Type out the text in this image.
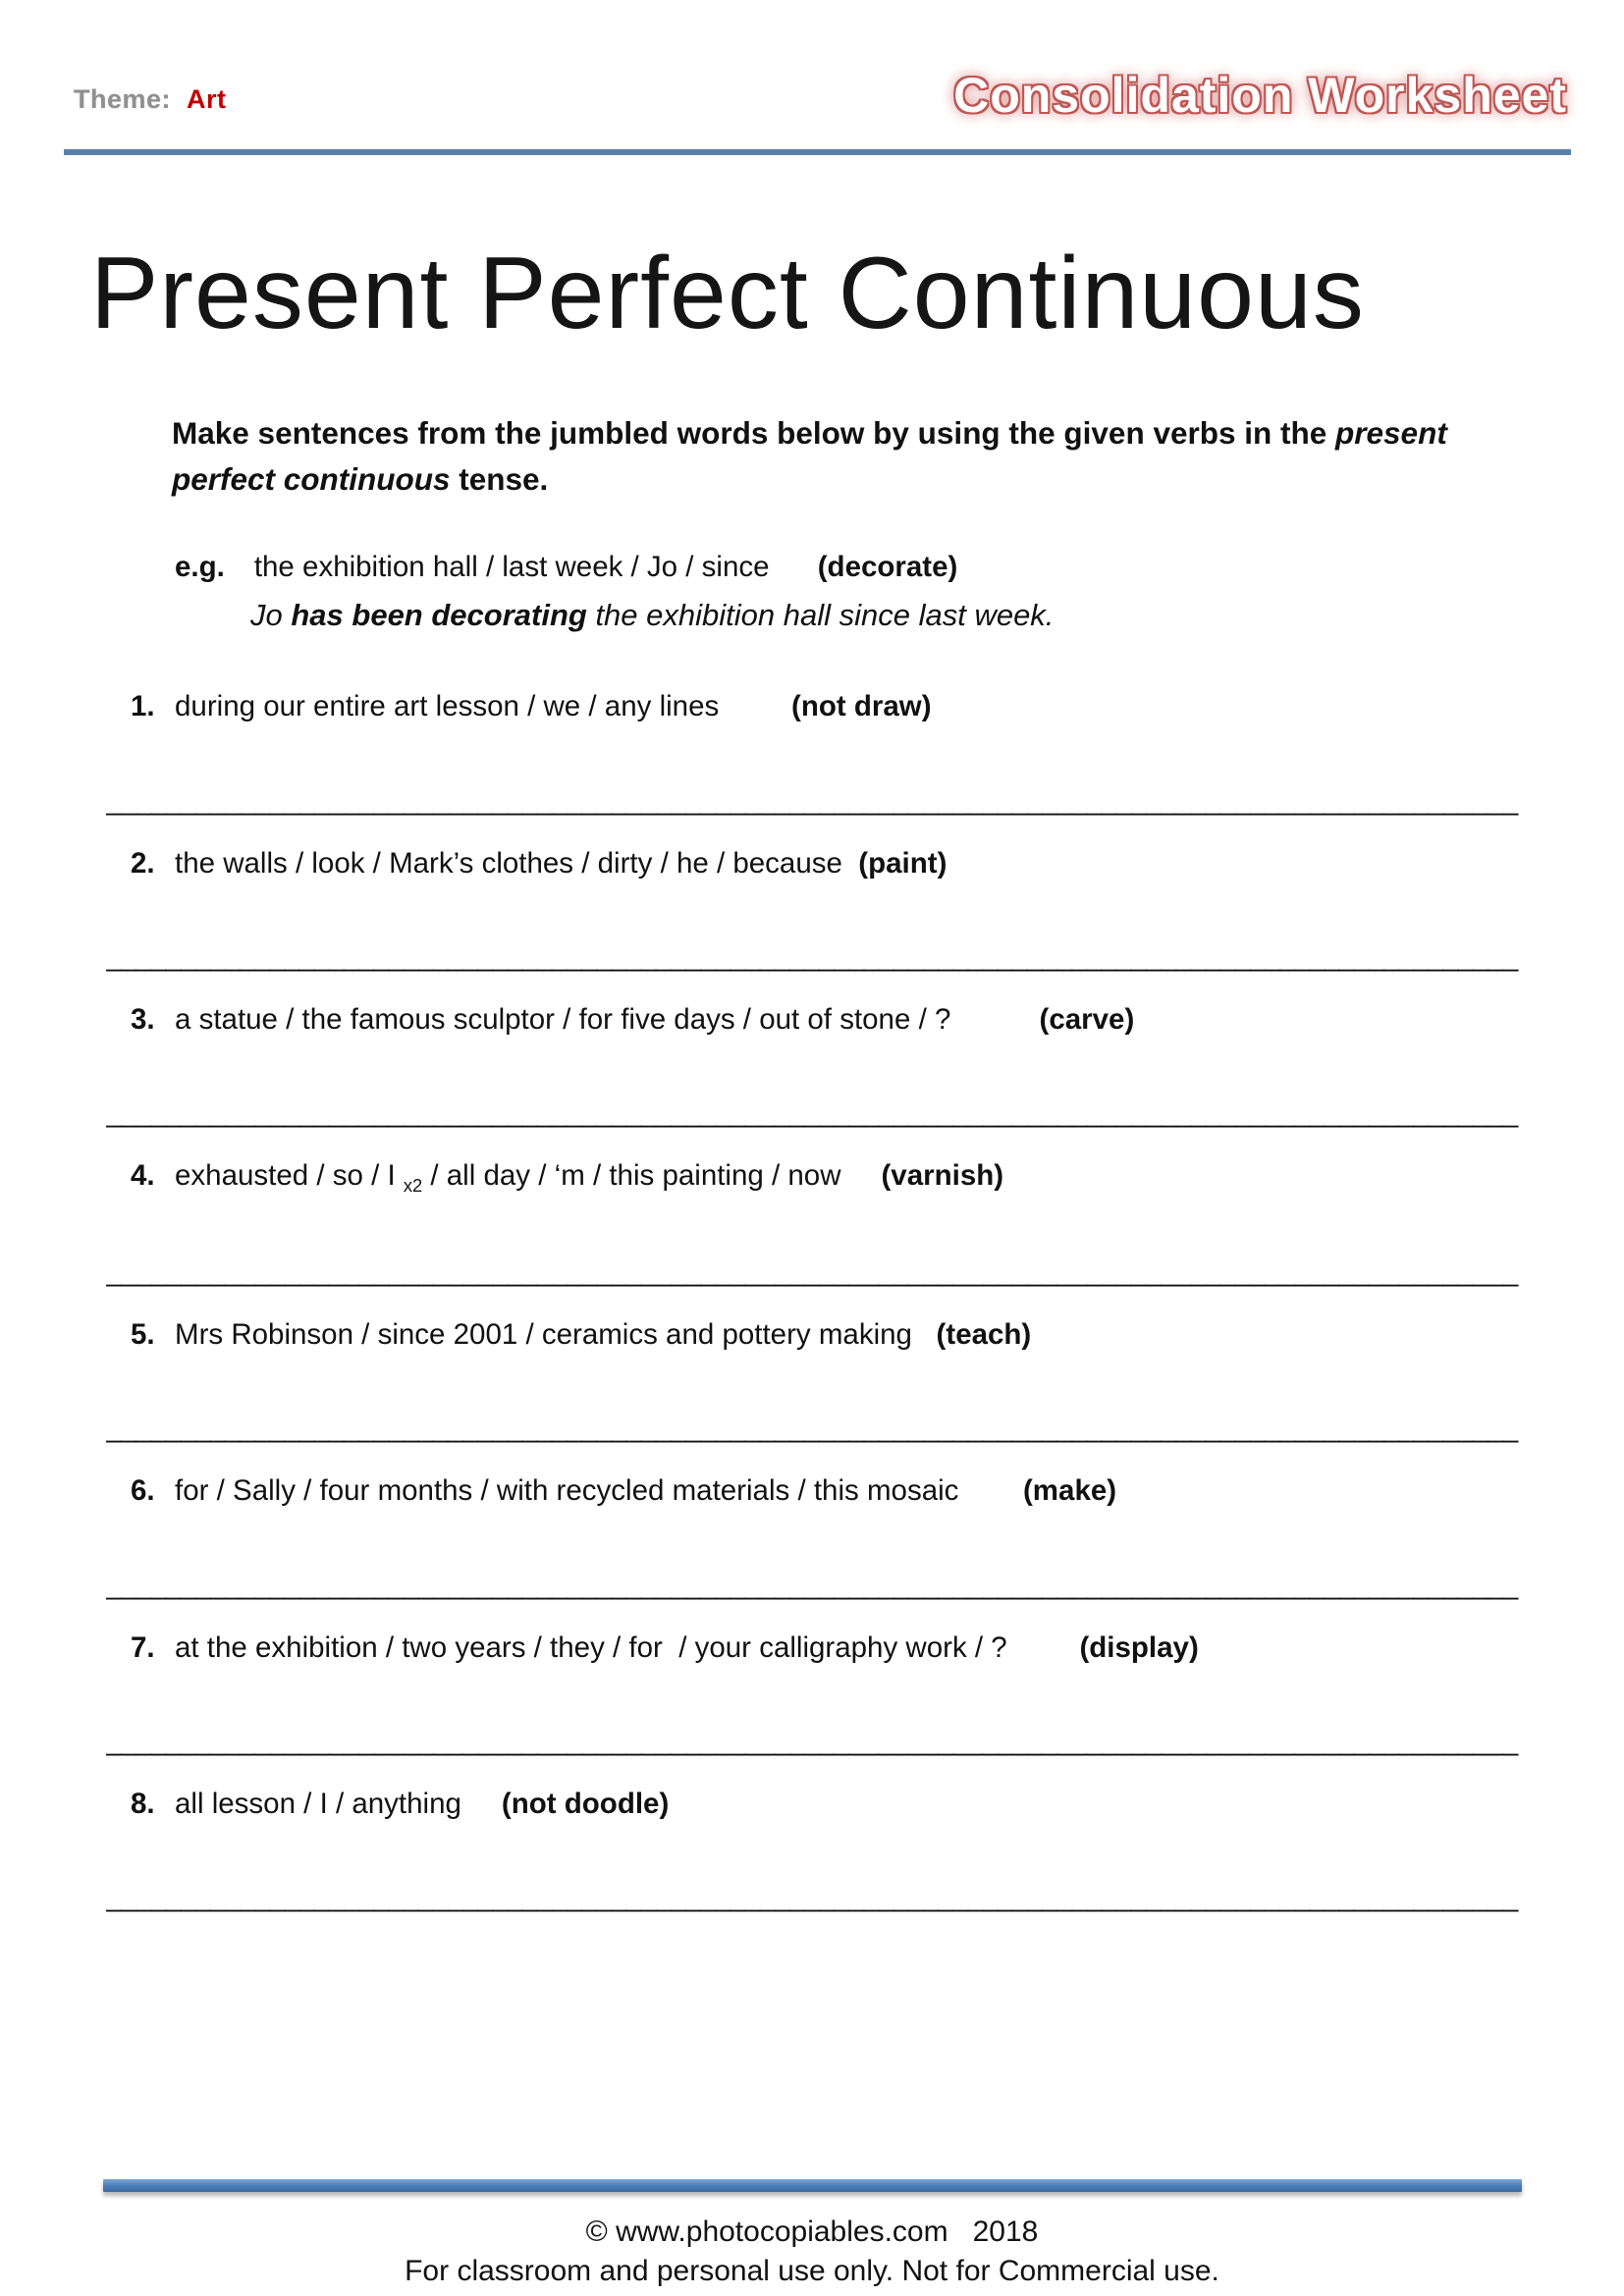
Theme: Art	Consolidation Worksheet
Present Perfect Continuous

Make sentences from the jumbled words below by using the given verbs in the present perfect continuous tense.

e.g. the exhibition hall / last week / Jo / since      (decorate)
Jo has been decorating the exhibition hall since last week.
1. during our entire art lesson / we / any lines         (not draw)
_______________________________________________________________________________________________
2. the walls / look / Mark’s clothes / dirty / he / because  (paint)
_______________________________________________________________________________________________
3. a statue / the famous sculptor / for five days / out of stone / ?           (carve)
_______________________________________________________________________________________________
4. exhausted / so / I $_{x2}$ / all day / ‘m / this painting / now     (varnish)
_______________________________________________________________________________________________
5. Mrs Robinson / since 2001 / ceramics and pottery making   (teach)
_______________________________________________________________________________________________
6. for / Sally / four months / with recycled materials / this mosaic        (make)
_______________________________________________________________________________________________
7. at the exhibition / two years / they / for  / your calligraphy work / ?         (display)
_______________________________________________________________________________________________
8. all lesson / I / anything     (not doodle)
_______________________________________________________________________________________________
© www.photocopiables.com   2018
For classroom and personal use only. Not for Commercial use.
